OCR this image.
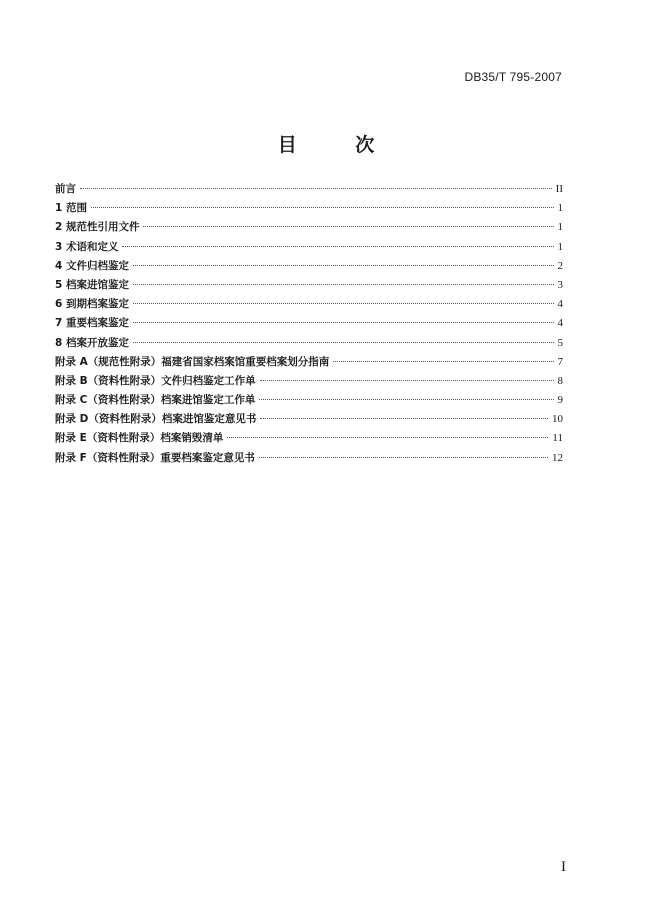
DB35/T 795-2007
目 次
前言	II
1 范围	1
2 规范性引用文件	1
3 术语和定义	1
4 文件归档鉴定	2
5 档案进馆鉴定	3
6 到期档案鉴定	4
7 重要档案鉴定	4
8 档案开放鉴定	5
附录 A（规范性附录）福建省国家档案馆重要档案划分指南	7
附录 B（资料性附录）文件归档鉴定工作单	8
附录 C（资料性附录）档案进馆鉴定工作单	9
附录 D（资料性附录）档案进馆鉴定意见书	10
附录 E（资料性附录）档案销毁清单	11
附录 F（资料性附录）重要档案鉴定意见书	12
I
